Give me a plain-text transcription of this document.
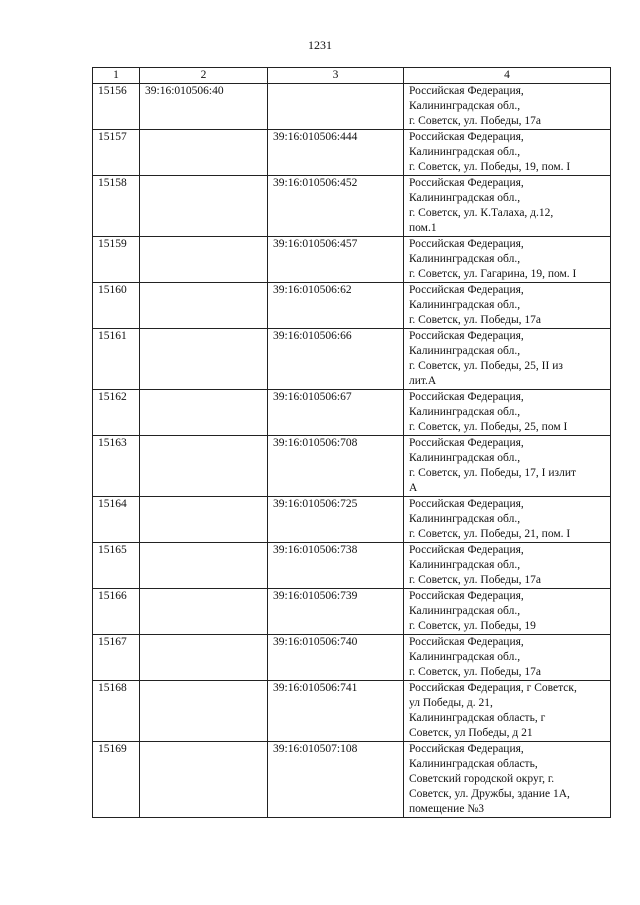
1231
1	2	3	4
15156	39:16:010506:40		Российская Федерация,
Калининградская обл.,
г. Советск, ул. Победы, 17а

15157		39:16:010506:444	Российская Федерация,
Калининградская обл.,
г. Советск, ул. Победы, 19, пом. I

15158		39:16:010506:452	Российская Федерация,
Калининградская обл.,
г. Советск, ул. К.Талаха, д.12,
пом.1

15159		39:16:010506:457	Российская Федерация,
Калининградская обл.,
г. Советск, ул. Гагарина, 19, пом. I

15160		39:16:010506:62	Российская Федерация,
Калининградская обл.,
г. Советск, ул. Победы, 17а

15161		39:16:010506:66	Российская Федерация,
Калининградская обл.,
г. Советск, ул. Победы, 25, II из
лит.А

15162		39:16:010506:67	Российская Федерация,
Калининградская обл.,
г. Советск, ул. Победы, 25, пом I

15163		39:16:010506:708	Российская Федерация,
Калининградская обл.,
г. Советск, ул. Победы, 17, I излит
А

15164		39:16:010506:725	Российская Федерация,
Калининградская обл.,
г. Советск, ул. Победы, 21, пом. I

15165		39:16:010506:738	Российская Федерация,
Калининградская обл.,
г. Советск, ул. Победы, 17а

15166		39:16:010506:739	Российская Федерация,
Калининградская обл.,
г. Советск, ул. Победы, 19

15167		39:16:010506:740	Российская Федерация,
Калининградская обл.,
г. Советск, ул. Победы, 17а

15168		39:16:010506:741	Российская Федерация, г Советск,
ул Победы, д. 21,
Калининградская область, г
Советск, ул Победы, д 21

15169		39:16:010507:108	Российская Федерация,
Калининградская область,
Советский городской округ, г.
Советск, ул. Дружбы, здание 1А,
помещение №3
